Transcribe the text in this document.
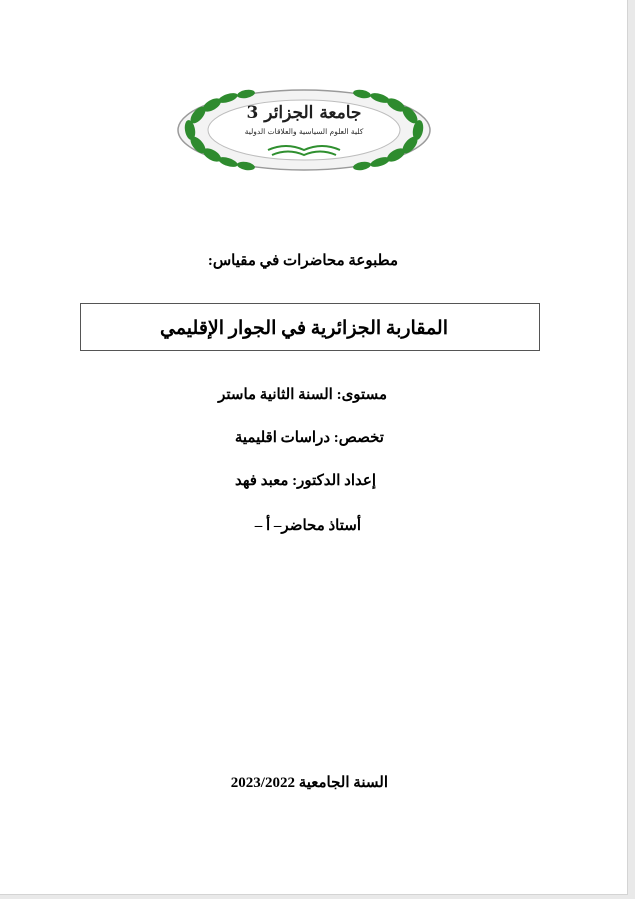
جامعة الجزائر 3
كلية العلوم السياسية والعلاقات الدولية
مطبوعة محاضرات في مقياس:
المقاربة الجزائرية في الجوار الإقليمي
مستوى: السنة الثانية ماستر
تخصص: دراسات اقليمية
إعداد الدكتور: معبد فهد
أستاذ محاضر– أ –
السنة الجامعية 2023/2022
